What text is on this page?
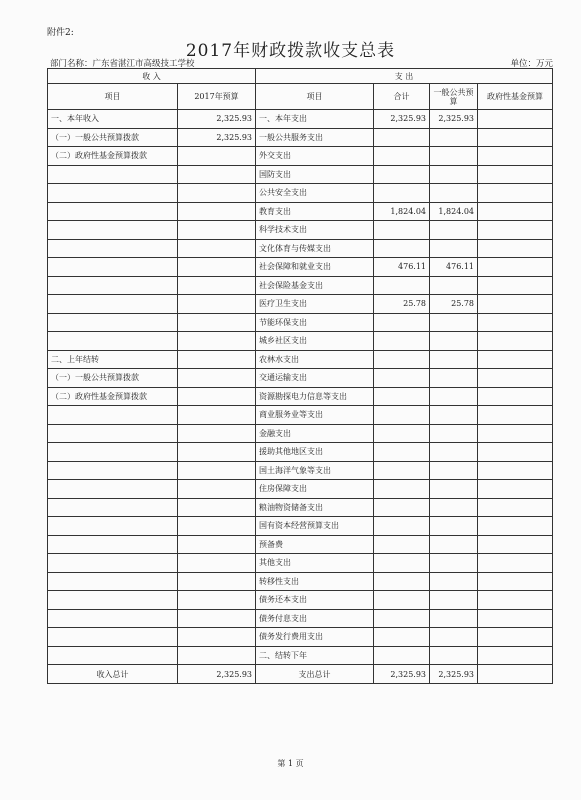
附件2:
2017年财政拨款收支总表
部门名称：广东省湛江市高级技工学校	单位：万元
收 入		支 出			
项目	2017年预算	项目	合计	一般公共预算	政府性基金预算

一、本年收入	2,325.93	一、本年支出	2,325.93	2,325.93	
（一）一般公共预算拨款	2,325.93	一般公共服务支出			
（二）政府性基金预算拨款		外交支出			
		国防支出			
		公共安全支出			
		教育支出	1,824.04	1,824.04	
		科学技术支出			
		文化体育与传媒支出			
		社会保障和就业支出	476.11	476.11	
		社会保险基金支出			
		医疗卫生支出	25.78	25.78	
		节能环保支出			
		城乡社区支出			
二、上年结转		农林水支出			
（一）一般公共预算拨款		交通运输支出			
（二）政府性基金预算拨款		资源勘探电力信息等支出			
		商业服务业等支出			
		金融支出			
		援助其他地区支出			
		国土海洋气象等支出			
		住房保障支出			
		粮油物资储备支出			
		国有资本经营预算支出			
		预备费			
		其他支出			
		转移性支出			
		债务还本支出			
		债务付息支出			
		债务发行费用支出			
		二、结转下年			
收入总计	2,325.93	支出总计	2,325.93	2,325.93	
第 1 页
